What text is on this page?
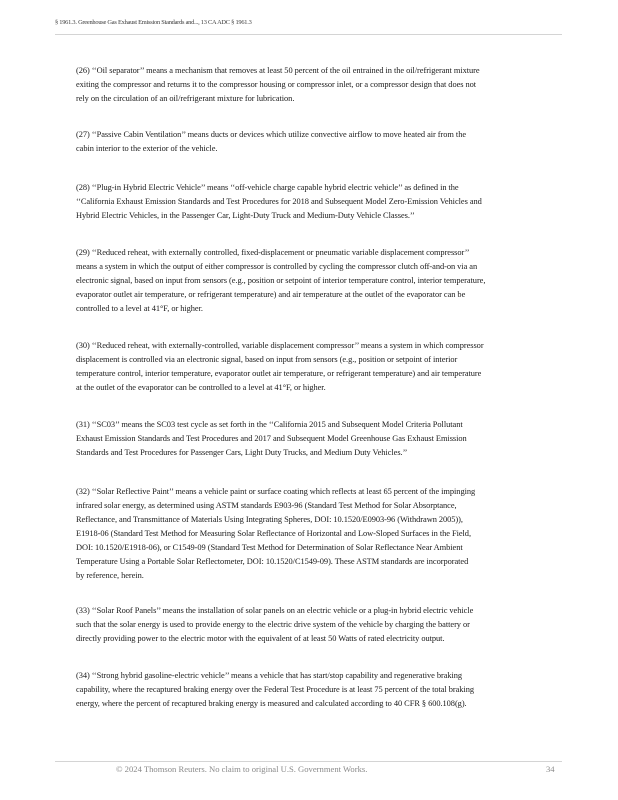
§ 1961.3. Greenhouse Gas Exhaust Emission Standards and..., 13 CA ADC § 1961.3

(26) ‘‘Oil separator’’ means a mechanism that removes at least 50 percent of the oil entrained in the oil/refrigerant mixture
exiting the compressor and returns it to the compressor housing or compressor inlet, or a compressor design that does not
rely on the circulation of an oil/refrigerant mixture for lubrication.

(27) ‘‘Passive Cabin Ventilation’’ means ducts or devices which utilize convective airflow to move heated air from the
cabin interior to the exterior of the vehicle.

(28) ‘‘Plug-in Hybrid Electric Vehicle’’ means ‘‘off-vehicle charge capable hybrid electric vehicle’’ as defined in the
‘‘California Exhaust Emission Standards and Test Procedures for 2018 and Subsequent Model Zero-Emission Vehicles and
Hybrid Electric Vehicles, in the Passenger Car, Light-Duty Truck and Medium-Duty Vehicle Classes.’’

(29) ‘‘Reduced reheat, with externally controlled, fixed-displacement or pneumatic variable displacement compressor’’
means a system in which the output of either compressor is controlled by cycling the compressor clutch off-and-on via an
electronic signal, based on input from sensors (e.g., position or setpoint of interior temperature control, interior temperature,
evaporator outlet air temperature, or refrigerant temperature) and air temperature at the outlet of the evaporator can be
controlled to a level at 41°F, or higher.

(30) ‘‘Reduced reheat, with externally-controlled, variable displacement compressor’’ means a system in which compressor
displacement is controlled via an electronic signal, based on input from sensors (e.g., position or setpoint of interior
temperature control, interior temperature, evaporator outlet air temperature, or refrigerant temperature) and air temperature
at the outlet of the evaporator can be controlled to a level at 41°F, or higher.

(31) ‘‘SC03’’ means the SC03 test cycle as set forth in the ‘‘California 2015 and Subsequent Model Criteria Pollutant
Exhaust Emission Standards and Test Procedures and 2017 and Subsequent Model Greenhouse Gas Exhaust Emission
Standards and Test Procedures for Passenger Cars, Light Duty Trucks, and Medium Duty Vehicles.’’

(32) ‘‘Solar Reflective Paint’’ means a vehicle paint or surface coating which reflects at least 65 percent of the impinging
infrared solar energy, as determined using ASTM standards E903-96 (Standard Test Method for Solar Absorptance,
Reflectance, and Transmittance of Materials Using Integrating Spheres, DOI: 10.1520/E0903-96 (Withdrawn 2005)),
E1918-06 (Standard Test Method for Measuring Solar Reflectance of Horizontal and Low-Sloped Surfaces in the Field,
DOI: 10.1520/E1918-06), or C1549-09 (Standard Test Method for Determination of Solar Reflectance Near Ambient
Temperature Using a Portable Solar Reflectometer, DOI: 10.1520/C1549-09). These ASTM standards are incorporated
by reference, herein.

(33) ‘‘Solar Roof Panels’’ means the installation of solar panels on an electric vehicle or a plug-in hybrid electric vehicle
such that the solar energy is used to provide energy to the electric drive system of the vehicle by charging the battery or
directly providing power to the electric motor with the equivalent of at least 50 Watts of rated electricity output.

(34) ‘‘Strong hybrid gasoline-electric vehicle’’ means a vehicle that has start/stop capability and regenerative braking
capability, where the recaptured braking energy over the Federal Test Procedure is at least 75 percent of the total braking
energy, where the percent of recaptured braking energy is measured and calculated according to 40 CFR § 600.108(g).

© 2024 Thomson Reuters. No claim to original U.S. Government Works.	34
